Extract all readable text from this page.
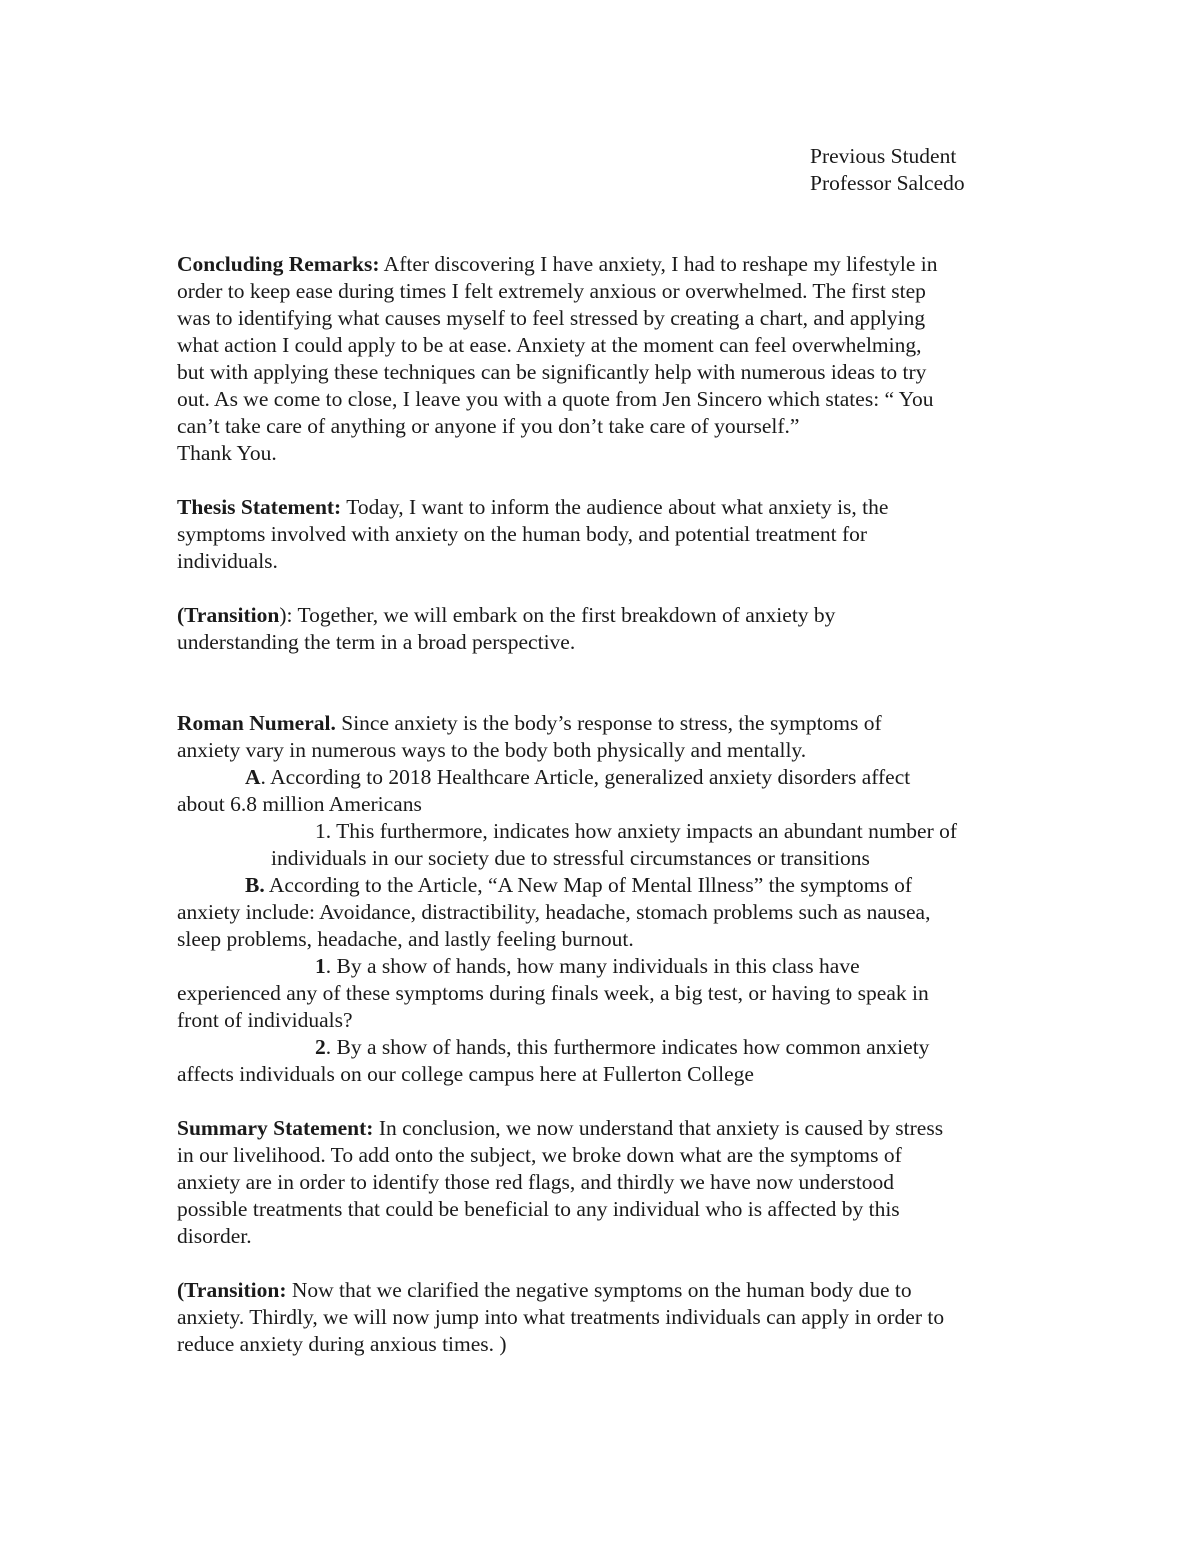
Previous Student
Professor Salcedo
Concluding Remarks: After discovering I have anxiety, I had to reshape my lifestyle in
order to keep ease during times I felt extremely anxious or overwhelmed. The first step
was to identifying what causes myself to feel stressed by creating a chart, and applying
what action I could apply to be at ease. Anxiety at the moment can feel overwhelming,
but with applying these techniques can be significantly help with numerous ideas to try
out. As we come to close, I leave you with a quote from Jen Sincero which states: “ You
can’t take care of anything or anyone if you don’t take care of yourself.”
Thank You.
Thesis Statement: Today, I want to inform the audience about what anxiety is, the
symptoms involved with anxiety on the human body, and potential treatment for
individuals.
(Transition): Together, we will embark on the first breakdown of anxiety by
understanding the term in a broad perspective.
Roman Numeral. Since anxiety is the body’s response to stress, the symptoms of
anxiety vary in numerous ways to the body both physically and mentally.
A. According to 2018 Healthcare Article, generalized anxiety disorders affect
about 6.8 million Americans
1. This furthermore, indicates how anxiety impacts an abundant number of
individuals in our society due to stressful circumstances or transitions
B. According to the Article, “A New Map of Mental Illness” the symptoms of
anxiety include: Avoidance, distractibility, headache, stomach problems such as nausea,
sleep problems, headache, and lastly feeling burnout.
1. By a show of hands, how many individuals in this class have
experienced any of these symptoms during finals week, a big test, or having to speak in
front of individuals?
2. By a show of hands, this furthermore indicates how common anxiety
affects individuals on our college campus here at Fullerton College
Summary Statement: In conclusion, we now understand that anxiety is caused by stress
in our livelihood. To add onto the subject, we broke down what are the symptoms of
anxiety are in order to identify those red flags, and thirdly we have now understood
possible treatments that could be beneficial to any individual who is affected by this
disorder.
(Transition: Now that we clarified the negative symptoms on the human body due to
anxiety. Thirdly, we will now jump into what treatments individuals can apply in order to
reduce anxiety during anxious times. )
